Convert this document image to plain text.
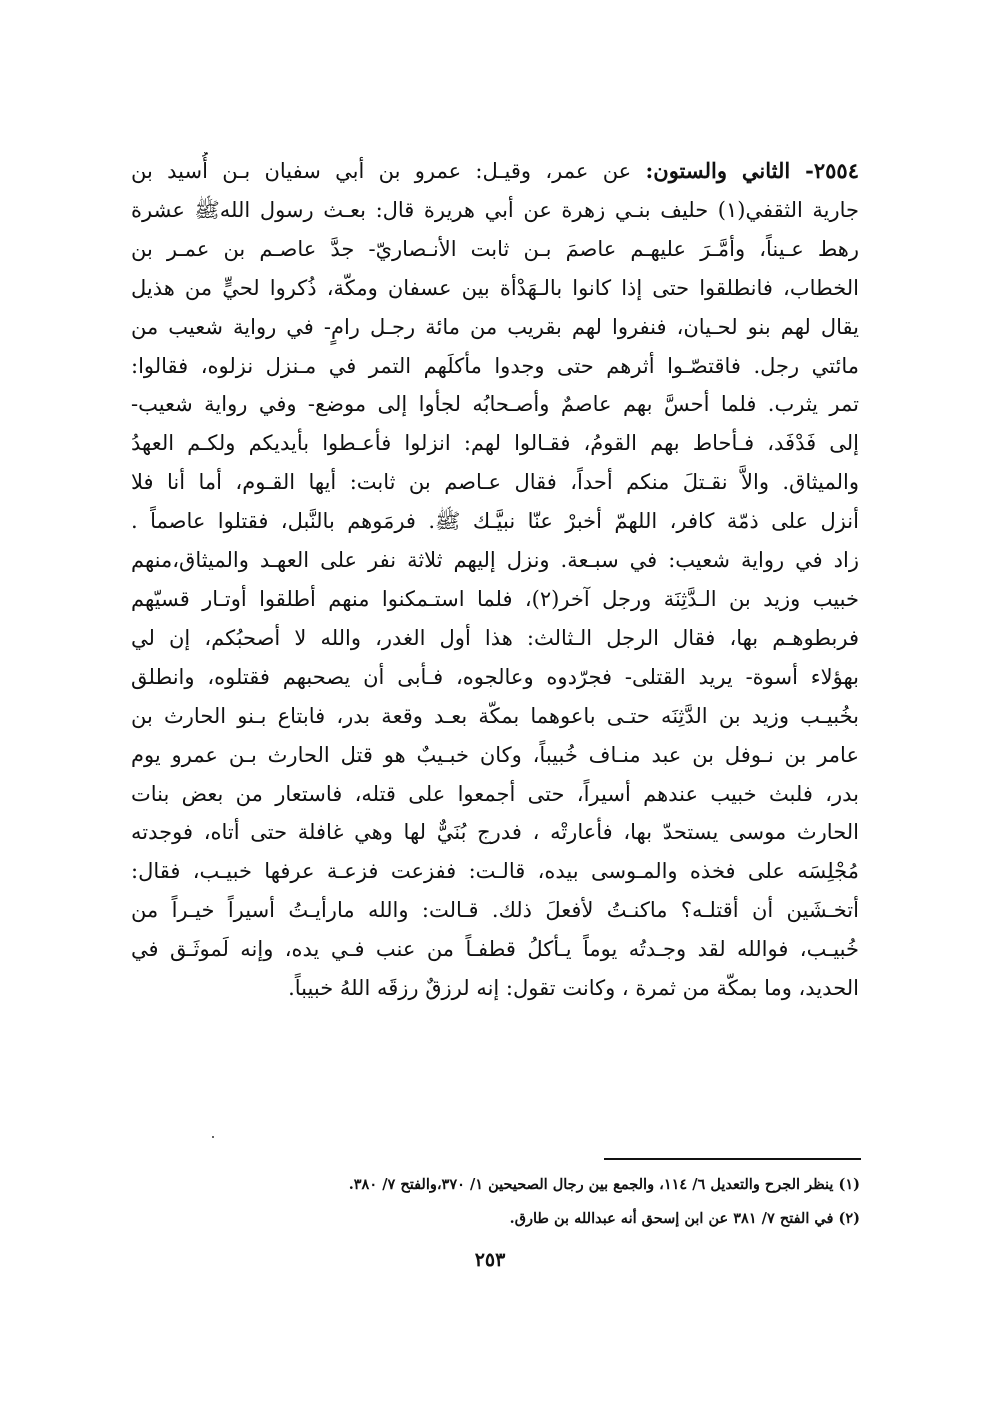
٢٥٥٤- الثاني والستون: عن عمر، وقيـل: عمرو بن أبي سفيان بـن أُسيد بن
جارية الثقفي(١) حليف بنـي زهرة عن أبي هريرة قال: بعـث رسول اللهﷺ عشرة
رهط عـيناً، وأمَّـرَ عليهـم عاصمَ بـن ثابت الأنـصاريّ- جدَّ عاصـم بن عمـر بن
الخطاب، فانطلقوا حتى إذا كانوا بالـهَدْأة بين عسفان ومكّة، ذُكروا لحيٍّ من هذيل
يقال لهم بنو لحـيان، فنفروا لهم بقريب من مائة رجـل رامٍ- في رواية شعيب من
مائتي رجل. فاقتصّـوا أثرهم حتى وجدوا مأكلَهم التمر في مـنزل نزلوه، فقالوا:
تمر يثرب. فلما أحسَّ بهم عاصمٌ وأصـحابُه لجأوا إلى موضع- وفي رواية شعيب-
إلى فَدْفَد، فـأحاط بهم القومُ، فقـالوا لهم: انزلوا فأعـطوا بأيديكم ولكـم العهدُ
والميثاق. والاَّ نقـتلَ منكم أحداً، فقال عـاصم بن ثابت: أيها القـوم، أما أنا فلا
أنزل على ذمّة كافر، اللهمّ أخبرْ عنّا نبيَّـك ﷺ. فرمَوهم بالنَّبل، فقتلوا عاصماً .
زاد في رواية شعيب: في سبـعة. ونزل إليهم ثلاثة نفر على العهـد والميثاق،منهم
خبيب وزيد بن الـدَّثِنَة ورجل آخر(٢)، فلما استـمكنوا منهم أطلقوا أوتـار قسيّهم
فربطوهـم بها، فقال الرجل الـثالث: هذا أول الغدر، والله لا أصحبُكم، إن لي
بهؤلاء أسوة- يريد القتلى- فجرّدوه وعالجوه، فـأبى أن يصحبهم فقتلوه، وانطلق
بخُبيـب وزيد بن الدَّثِنَه حتـى باعوهما بمكّة بعـد وقعة بدر، فابتاع بـنو الحارث بن
عامر بن نـوفل بن عبد منـاف خُبيباً، وكان خبـيبٌ هو قتل الحارث بـن عمرو يوم
بدر، فلبث خبيب عندهم أسيراً، حتى أجمعوا على قتله، فاستعار من بعض بنات
الحارث موسى يستحدّ بها، فأعارتْه ، فدرج بُنَيٌّ لها وهي غافلة حتى أتاه، فوجدته
مُجْلِسَه على فخذه والمـوسى بيده، قالـت: ففزعت فزعـة عرفها خبيـب، فقال:
أتخـشَين أن أقتلـه؟ ماكنـتُ لأفعلَ ذلك. قـالت: والله مارأيـتُ أسيراً خيـراً من
خُبيـب، فوالله لقد وجـدتُه يوماً يـأكلُ قطفـاً من عنب فـي يده، وإنه لَموثَـق في
الحديد، وما بمكّة من ثمرة ، وكانت تقول: إنه لرزقٌ رزقَه اللهُ خبيباً.
(١) ينظر الجرح والتعديل ٦/ ١١٤، والجمع بين رجال الصحيحين ١/ ٣٧٠،والفتح ٧/ ٣٨٠.
(٢) في الفتح ٧/ ٣٨١ عن ابن إسحق أنه عبدالله بن طارق.
٢٥٣
